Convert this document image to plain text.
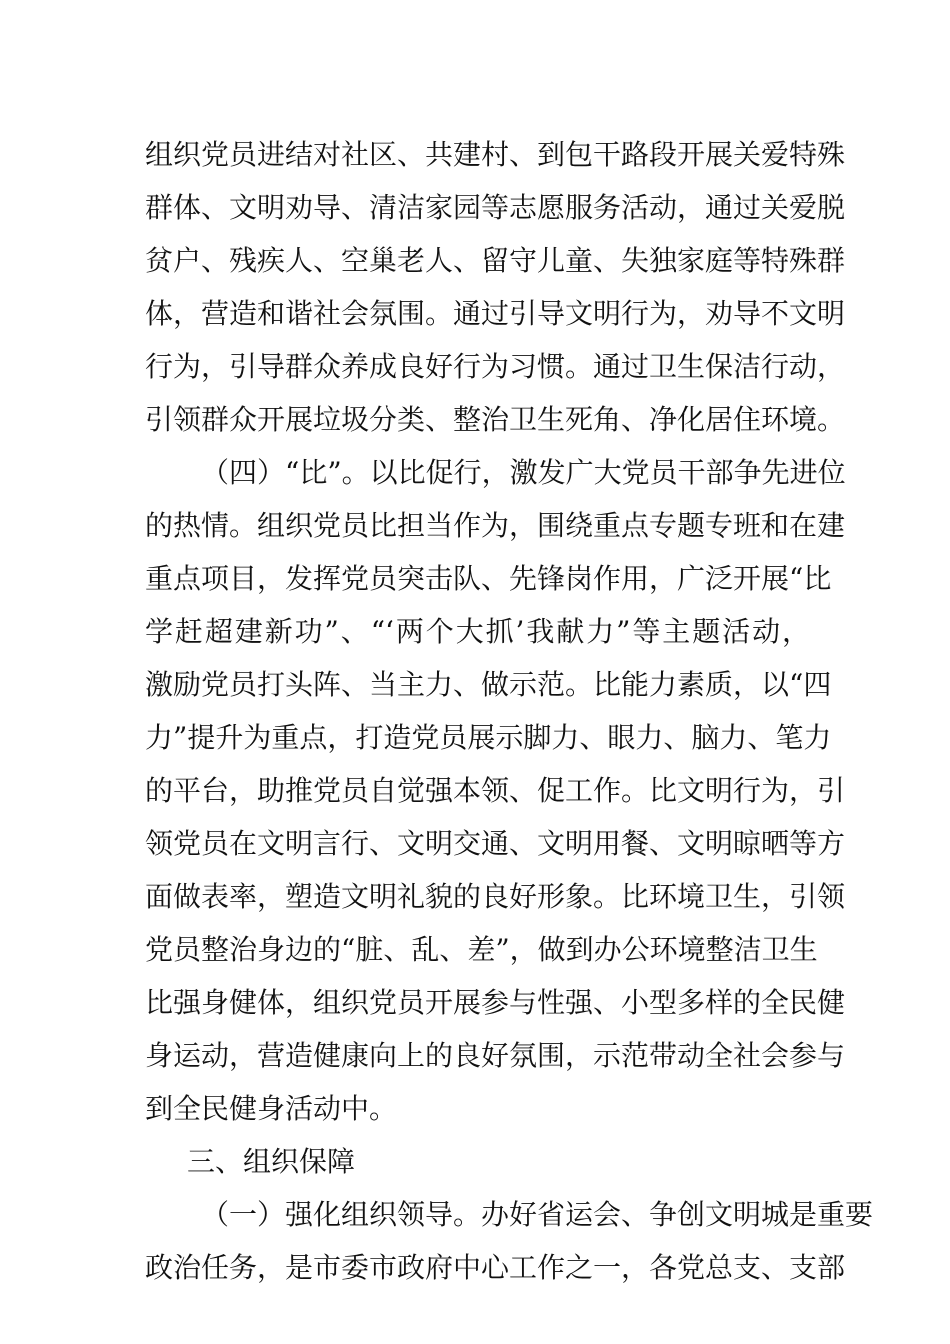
组织党员进结对社区、共建村、到包干路段开展关爱特殊
群体、文明劝导、清洁家园等志愿服务活动，通过关爱脱
贫户、残疾人、空巢老人、留守儿童、失独家庭等特殊群
体，营造和谐社会氛围。通过引导文明行为，劝导不文明
行为，引导群众养成良好行为习惯。通过卫生保洁行动，
引领群众开展垃圾分类、整治卫生死角、净化居住环境。
（四）“比”。以比促行，激发广大党员干部争先进位
的热情。组织党员比担当作为，围绕重点专题专班和在建
重点项目，发挥党员突击队、先锋岗作用，广泛开展“比
学赶超建新功”、“‘两个大抓’我献力”等主题活动，
激励党员打头阵、当主力、做示范。比能力素质，以“四
力”提升为重点，打造党员展示脚力、眼力、脑力、笔力
的平台，助推党员自觉强本领、促工作。比文明行为，引
领党员在文明言行、文明交通、文明用餐、文明晾晒等方
面做表率，塑造文明礼貌的良好形象。比环境卫生，引领
党员整治身边的“脏、乱、差”，做到办公环境整洁卫生
比强身健体，组织党员开展参与性强、小型多样的全民健
身运动，营造健康向上的良好氛围，示范带动全社会参与
到全民健身活动中。
三、组织保障
（一）强化组织领导。办好省运会、争创文明城是重要
政治任务，是市委市政府中心工作之一，各党总支、支部
